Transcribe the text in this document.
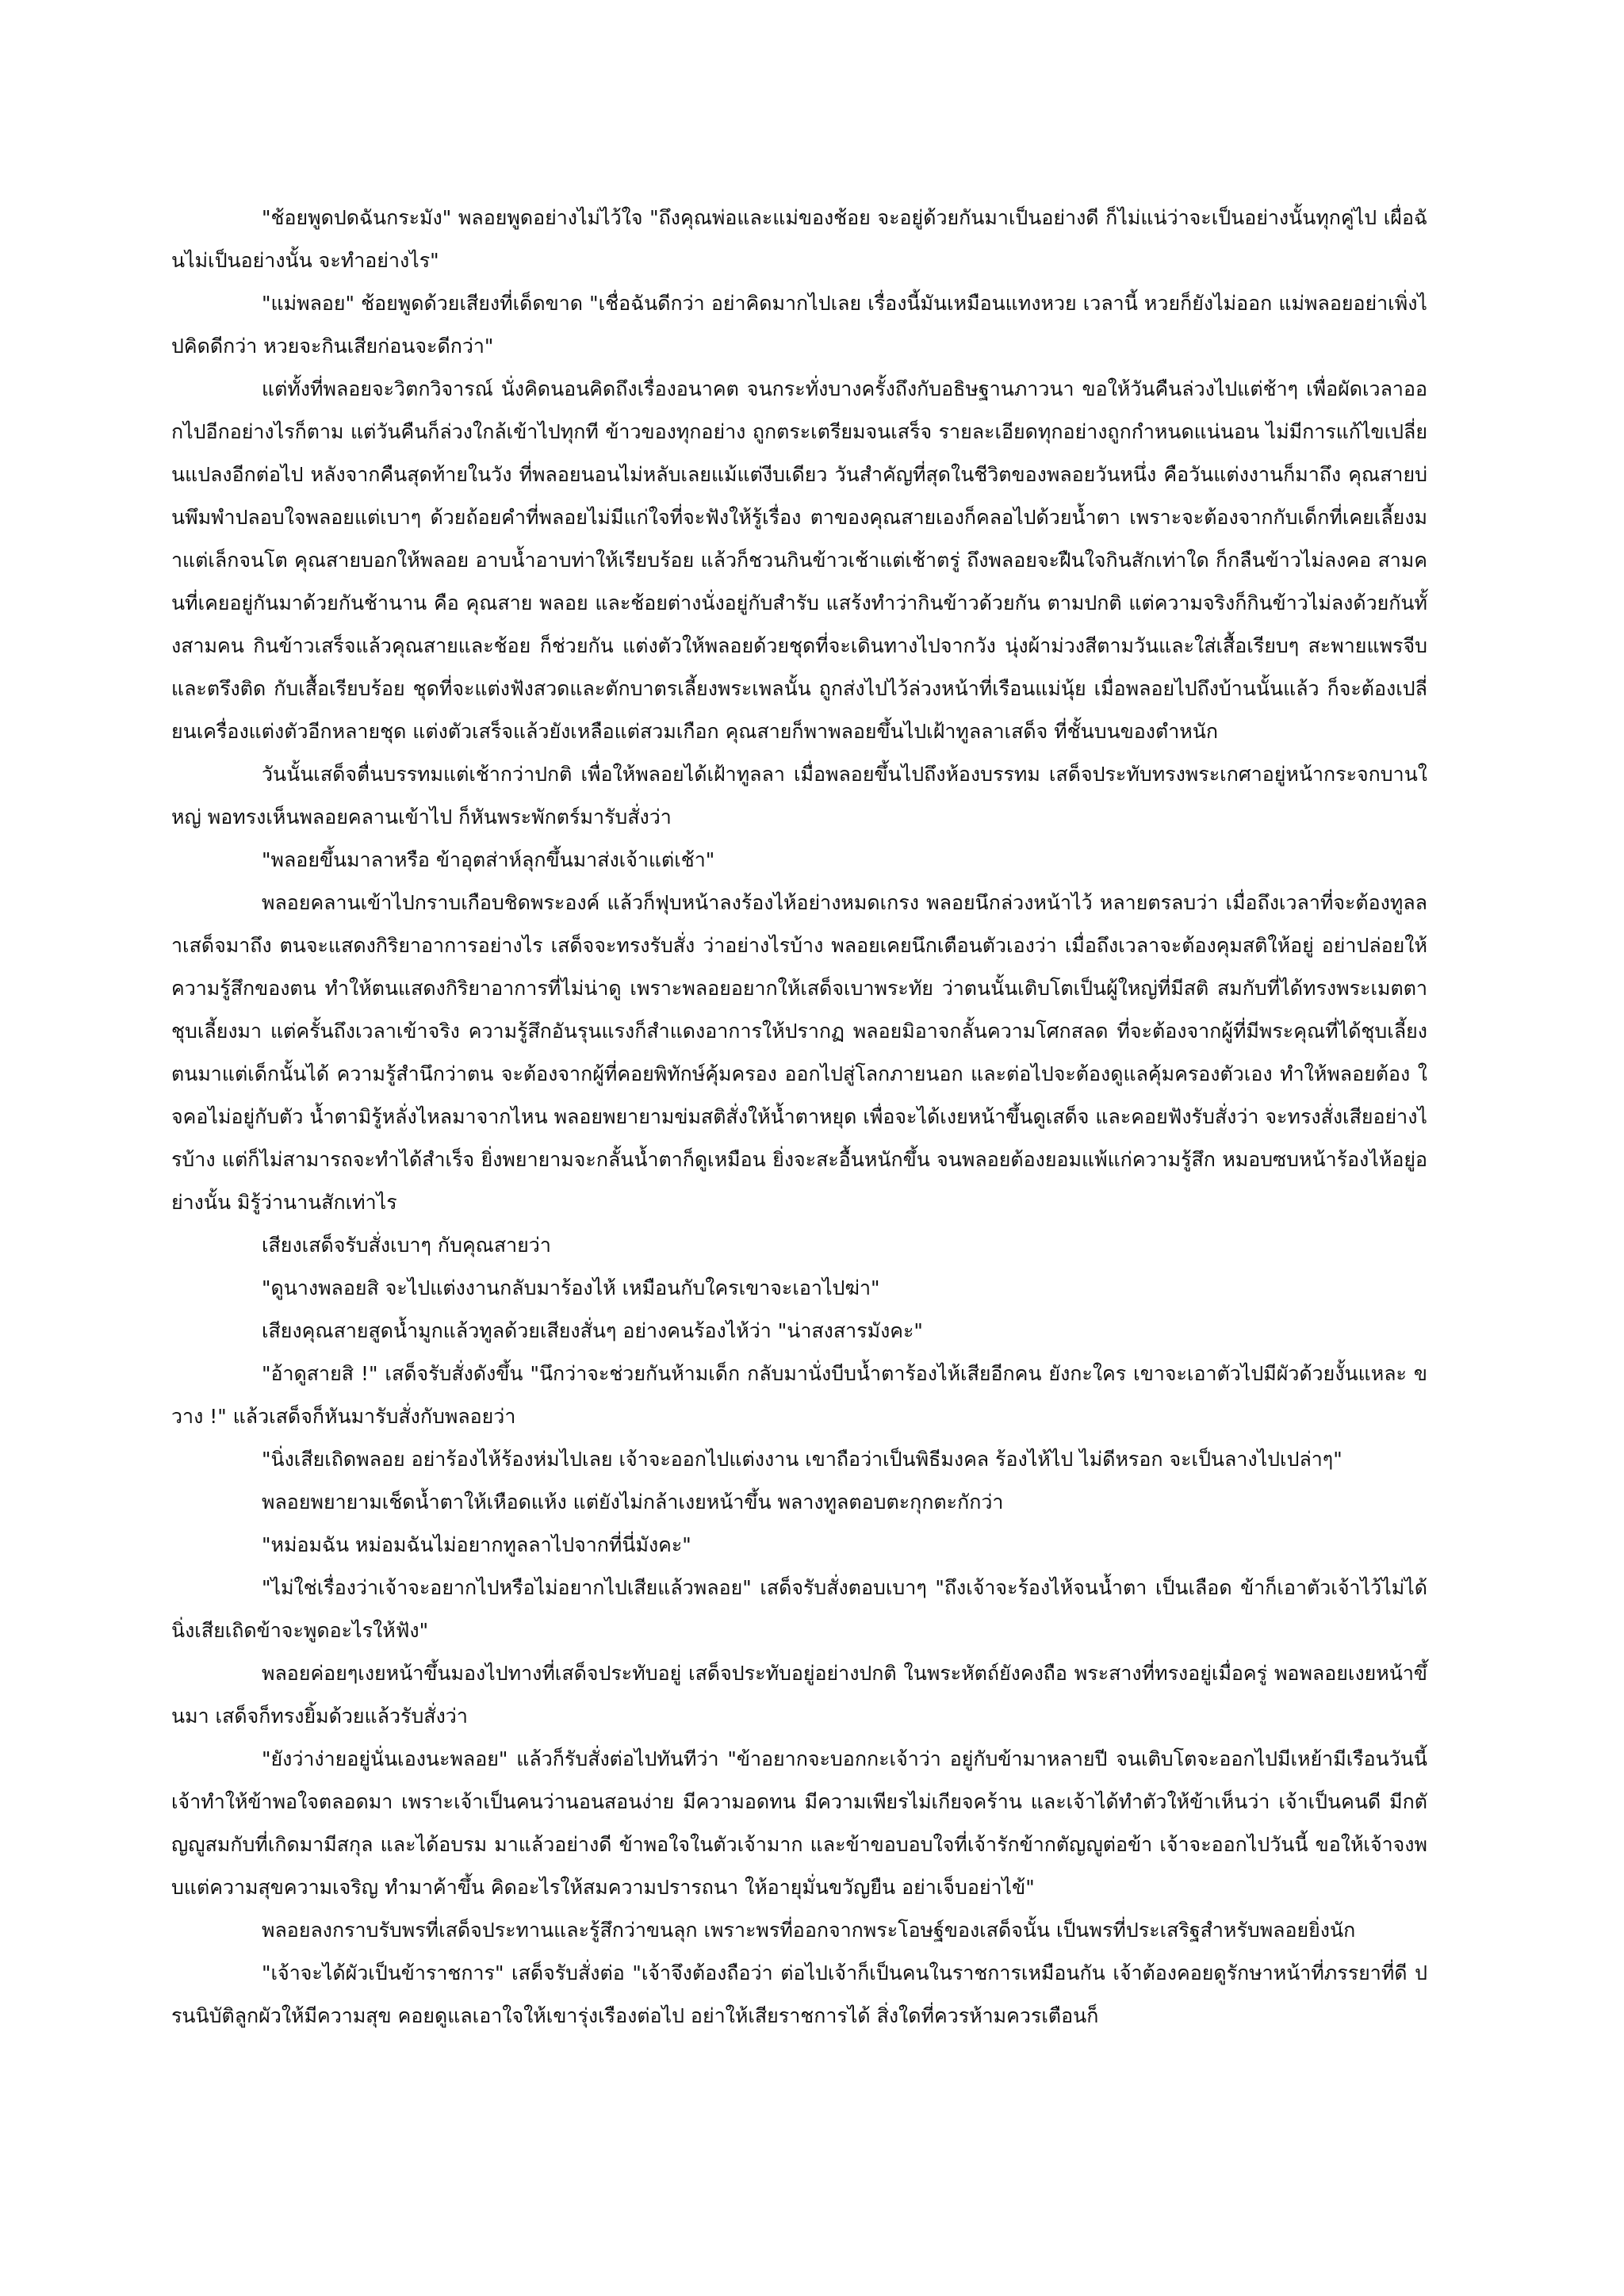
"ช้อยพูดปดฉันกระมัง" พลอยพูดอย่างไม่ไว้ใจ "ถึงคุณพ่อและแม่ของช้อย จะอยู่ด้วยกันมาเป็นอย่างดี ก็ไม่แน่ว่าจะเป็นอย่างนั้นทุกคู่ไป เผื่อฉันไม่เป็นอย่างนั้น จะทำอย่างไร"

"แม่พลอย" ช้อยพูดด้วยเสียงที่เด็ดขาด "เชื่อฉันดีกว่า อย่าคิดมากไปเลย เรื่องนี้มันเหมือนแทงหวย เวลานี้ หวยก็ยังไม่ออก แม่พลอยอย่าเพิ่งไปคิดดีกว่า หวยจะกินเสียก่อนจะดีกว่า"

แต่ทั้งที่พลอยจะวิตกวิจารณ์ นั่งคิดนอนคิดถึงเรื่องอนาคต จนกระทั่งบางครั้งถึงกับอธิษฐานภาวนา ขอให้วันคืนล่วงไปแต่ช้าๆ เพื่อผัดเวลาออกไปอีกอย่างไรก็ตาม แต่วันคืนก็ล่วงใกล้เข้าไปทุกที ข้าวของทุกอย่าง ถูกตระเตรียมจนเสร็จ รายละเอียดทุกอย่างถูกกำหนดแน่นอน ไม่มีการแก้ไขเปลี่ยนแปลงอีกต่อไป หลังจากคืนสุดท้ายในวัง ที่พลอยนอนไม่หลับเลยแม้แต่งีบเดียว วันสำคัญที่สุดในชีวิตของพลอยวันหนึ่ง คือวันแต่งงานก็มาถึง คุณสายบ่นพึมพำปลอบใจพลอยแต่เบาๆ ด้วยถ้อยคำที่พลอยไม่มีแก่ใจที่จะฟังให้รู้เรื่อง ตาของคุณสายเองก็คลอไปด้วยน้ำตา เพราะจะต้องจากกับเด็กที่เคยเลี้ยงมาแต่เล็กจนโต คุณสายบอกให้พลอย อาบน้ำอาบท่าให้เรียบร้อย แล้วก็ชวนกินข้าวเช้าแต่เช้าตรู่ ถึงพลอยจะฝืนใจกินสักเท่าใด ก็กลืนข้าวไม่ลงคอ สามคนที่เคยอยู่กันมาด้วยกันช้านาน คือ คุณสาย พลอย และช้อยต่างนั่งอยู่กับสำรับ แสร้งทำว่ากินข้าวด้วยกัน ตามปกติ แต่ความจริงก็กินข้าวไม่ลงด้วยกันทั้งสามคน กินข้าวเสร็จแล้วคุณสายและช้อย ก็ช่วยกัน แต่งตัวให้พลอยด้วยชุดที่จะเดินทางไปจากวัง นุ่งผ้าม่วงสีตามวันและใส่เสื้อเรียบๆ สะพายแพรจีบ และตรึงติด กับเสื้อเรียบร้อย ชุดที่จะแต่งฟังสวดและตักบาตรเลี้ยงพระเพลนั้น ถูกส่งไปไว้ล่วงหน้าที่เรือนแม่นุ้ย เมื่อพลอยไปถึงบ้านนั้นแล้ว ก็จะต้องเปลี่ยนเครื่องแต่งตัวอีกหลายชุด แต่งตัวเสร็จแล้วยังเหลือแต่สวมเกือก คุณสายก็พาพลอยขึ้นไปเฝ้าทูลลาเสด็จ ที่ชั้นบนของตำหนัก

วันนั้นเสด็จตื่นบรรทมแต่เช้ากว่าปกติ เพื่อให้พลอยได้เฝ้าทูลลา เมื่อพลอยขึ้นไปถึงห้องบรรทม เสด็จประทับทรงพระเกศาอยู่หน้ากระจกบานใหญ่ พอทรงเห็นพลอยคลานเข้าไป ก็หันพระพักตร์มารับสั่งว่า

"พลอยขึ้นมาลาหรือ ข้าอุตส่าห์ลุกขึ้นมาส่งเจ้าแต่เช้า"

พลอยคลานเข้าไปกราบเกือบชิดพระองค์ แล้วก็ฟุบหน้าลงร้องไห้อย่างหมดเกรง พลอยนึกล่วงหน้าไว้ หลายตรลบว่า เมื่อถึงเวลาที่จะต้องทูลลาเสด็จมาถึง ตนจะแสดงกิริยาอาการอย่างไร เสด็จจะทรงรับสั่ง ว่าอย่างไรบ้าง พลอยเคยนึกเตือนตัวเองว่า เมื่อถึงเวลาจะต้องคุมสติให้อยู่ อย่าปล่อยให้ความรู้สึกของตน ทำให้ตนแสดงกิริยาอาการที่ไม่น่าดู เพราะพลอยอยากให้เสด็จเบาพระทัย ว่าตนนั้นเติบโตเป็นผู้ใหญ่ที่มีสติ สมกับที่ได้ทรงพระเมตตาชุบเลี้ยงมา แต่ครั้นถึงเวลาเข้าจริง ความรู้สึกอันรุนแรงก็สำแดงอาการให้ปรากฏ พลอยมิอาจกลั้นความโศกสลด ที่จะต้องจากผู้ที่มีพระคุณที่ได้ชุบเลี้ยงตนมาแต่เด็กนั้นได้ ความรู้สำนึกว่าตน จะต้องจากผู้ที่คอยพิทักษ์คุ้มครอง ออกไปสู่โลกภายนอก และต่อไปจะต้องดูแลคุ้มครองตัวเอง ทำให้พลอยต้อง ใจคอไม่อยู่กับตัว น้ำตามิรู้หลั่งไหลมาจากไหน พลอยพยายามข่มสติสั่งให้น้ำตาหยุด เพื่อจะได้เงยหน้าขึ้นดูเสด็จ และคอยฟังรับสั่งว่า จะทรงสั่งเสียอย่างไรบ้าง แต่ก็ไม่สามารถจะทำได้สำเร็จ ยิ่งพยายามจะกลั้นน้ำตาก็ดูเหมือน ยิ่งจะสะอื้นหนักขึ้น จนพลอยต้องยอมแพ้แก่ความรู้สึก หมอบซบหน้าร้องไห้อยู่อย่างนั้น มิรู้ว่านานสักเท่าไร

เสียงเสด็จรับสั่งเบาๆ กับคุณสายว่า

"ดูนางพลอยสิ จะไปแต่งงานกลับมาร้องไห้ เหมือนกับใครเขาจะเอาไปฆ่า"

เสียงคุณสายสูดน้ำมูกแล้วทูลด้วยเสียงสั่นๆ อย่างคนร้องไห้ว่า "น่าสงสารมังคะ"

"อ้าดูสายสิ !" เสด็จรับสั่งดังขึ้น "นึกว่าจะช่วยกันห้ามเด็ก กลับมานั่งบีบน้ำตาร้องไห้เสียอีกคน ยังกะใคร เขาจะเอาตัวไปมีผัวด้วยงั้นแหละ ขวาง !" แล้วเสด็จก็หันมารับสั่งกับพลอยว่า

"นิ่งเสียเถิดพลอย อย่าร้องไห้ร้องห่มไปเลย เจ้าจะออกไปแต่งงาน เขาถือว่าเป็นพิธีมงคล ร้องไห้ไป ไม่ดีหรอก จะเป็นลางไปเปล่าๆ"

พลอยพยายามเช็ดน้ำตาให้เหือดแห้ง แต่ยังไม่กล้าเงยหน้าขึ้น พลางทูลตอบตะกุกตะกักว่า

"หม่อมฉัน หม่อมฉันไม่อยากทูลลาไปจากที่นี่มังคะ"

"ไม่ใช่เรื่องว่าเจ้าจะอยากไปหรือไม่อยากไปเสียแล้วพลอย" เสด็จรับสั่งตอบเบาๆ "ถึงเจ้าจะร้องไห้จนน้ำตา เป็นเลือด ข้าก็เอาตัวเจ้าไว้ไม่ได้ นิ่งเสียเถิดข้าจะพูดอะไรให้ฟัง"

พลอยค่อยๆเงยหน้าขึ้นมองไปทางที่เสด็จประทับอยู่ เสด็จประทับอยู่อย่างปกติ ในพระหัตถ์ยังคงถือ พระสางที่ทรงอยู่เมื่อครู่ พอพลอยเงยหน้าขึ้นมา เสด็จก็ทรงยิ้มด้วยแล้วรับสั่งว่า

"ยังว่าง่ายอยู่นั่นเองนะพลอย" แล้วก็รับสั่งต่อไปทันทีว่า "ข้าอยากจะบอกกะเจ้าว่า อยู่กับข้ามาหลายปี จนเติบโตจะออกไปมีเหย้ามีเรือนวันนี้ เจ้าทำให้ข้าพอใจตลอดมา เพราะเจ้าเป็นคนว่านอนสอนง่าย มีความอดทน มีความเพียรไม่เกียจคร้าน และเจ้าได้ทำตัวให้ข้าเห็นว่า เจ้าเป็นคนดี มีกตัญญูสมกับที่เกิดมามีสกุล และได้อบรม มาแล้วอย่างดี ข้าพอใจในตัวเจ้ามาก และข้าขอบอบใจที่เจ้ารักข้ากตัญญูต่อข้า เจ้าจะออกไปวันนี้ ขอให้เจ้าจงพบแต่ความสุขความเจริญ ทำมาค้าขึ้น คิดอะไรให้สมความปรารถนา ให้อายุมั่นขวัญยืน อย่าเจ็บอย่าไข้"

พลอยลงกราบรับพรที่เสด็จประทานและรู้สึกว่าขนลุก เพราะพรที่ออกจากพระโอษฐ์ของเสด็จนั้น เป็นพรที่ประเสริฐสำหรับพลอยยิ่งนัก

"เจ้าจะได้ผัวเป็นข้าราชการ" เสด็จรับสั่งต่อ "เจ้าจึงต้องถือว่า ต่อไปเจ้าก็เป็นคนในราชการเหมือนกัน เจ้าต้องคอยดูรักษาหน้าที่ภรรยาที่ดี ปรนนิบัติลูกผัวให้มีความสุข คอยดูแลเอาใจให้เขารุ่งเรืองต่อไป อย่าให้เสียราชการได้ สิ่งใดที่ควรห้ามควรเตือนก็
